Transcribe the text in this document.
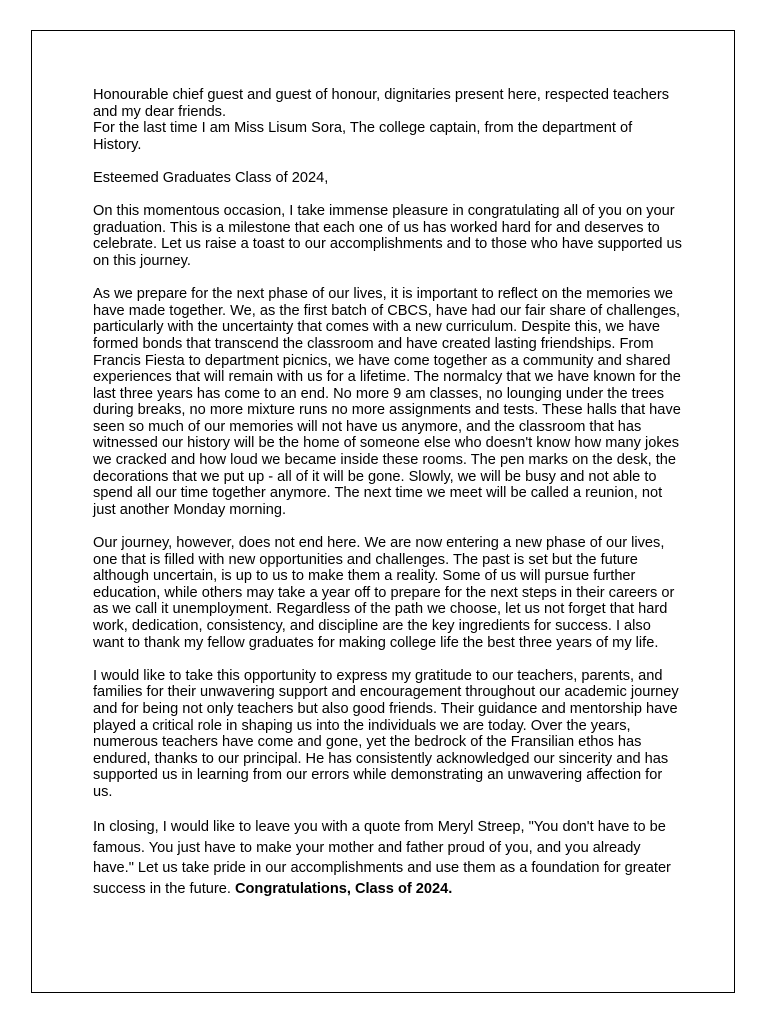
Honourable chief guest and guest of honour, dignitaries present here, respected teachers and my dear friends.

For the last time I am Miss Lisum Sora, The college captain, from the department of History.

Esteemed Graduates Class of 2024,

On this momentous occasion, I take immense pleasure in congratulating all of you on your graduation. This is a milestone that each one of us has worked hard for and deserves to celebrate. Let us raise a toast to our accomplishments and to those who have supported us on this journey.

As we prepare for the next phase of our lives, it is important to reflect on the memories we have made together. We, as the first batch of CBCS, have had our fair share of challenges, particularly with the uncertainty that comes with a new curriculum. Despite this, we have formed bonds that transcend the classroom and have created lasting friendships. From Francis Fiesta to department picnics, we have come together as a community and shared experiences that will remain with us for a lifetime. The normalcy that we have known for the last three years has come to an end. No more 9 am classes, no lounging under the trees during breaks, no more mixture runs no more assignments and tests. These halls that have seen so much of our memories will not have us anymore, and the classroom that has witnessed our history will be the home of someone else who doesn't know how many jokes we cracked and how loud we became inside these rooms. The pen marks on the desk, the decorations that we put up - all of it will be gone. Slowly, we will be busy and not able to spend all our time together anymore. The next time we meet will be called a reunion, not just another Monday morning.

Our journey, however, does not end here. We are now entering a new phase of our lives, one that is filled with new opportunities and challenges. The past is set but the future although uncertain, is up to us to make them a reality. Some of us will pursue further education, while others may take a year off to prepare for the next steps in their careers or as we call it unemployment. Regardless of the path we choose, let us not forget that hard work, dedication, consistency, and discipline are the key ingredients for success. I also want to thank my fellow graduates for making college life the best three years of my life.

I would like to take this opportunity to express my gratitude to our teachers, parents, and families for their unwavering support and encouragement throughout our academic journey and for being not only teachers but also good friends. Their guidance and mentorship have played a critical role in shaping us into the individuals we are today. Over the years, numerous teachers have come and gone, yet the bedrock of the Fransilian ethos has endured, thanks to our principal. He has consistently acknowledged our sincerity and has supported us in learning from our errors while demonstrating an unwavering affection for us.

In closing, I would like to leave you with a quote from Meryl Streep, "You don't have to be famous. You just have to make your mother and father proud of you, and you already have." Let us take pride in our accomplishments and use them as a foundation for greater success in the future. Congratulations, Class of 2024.
